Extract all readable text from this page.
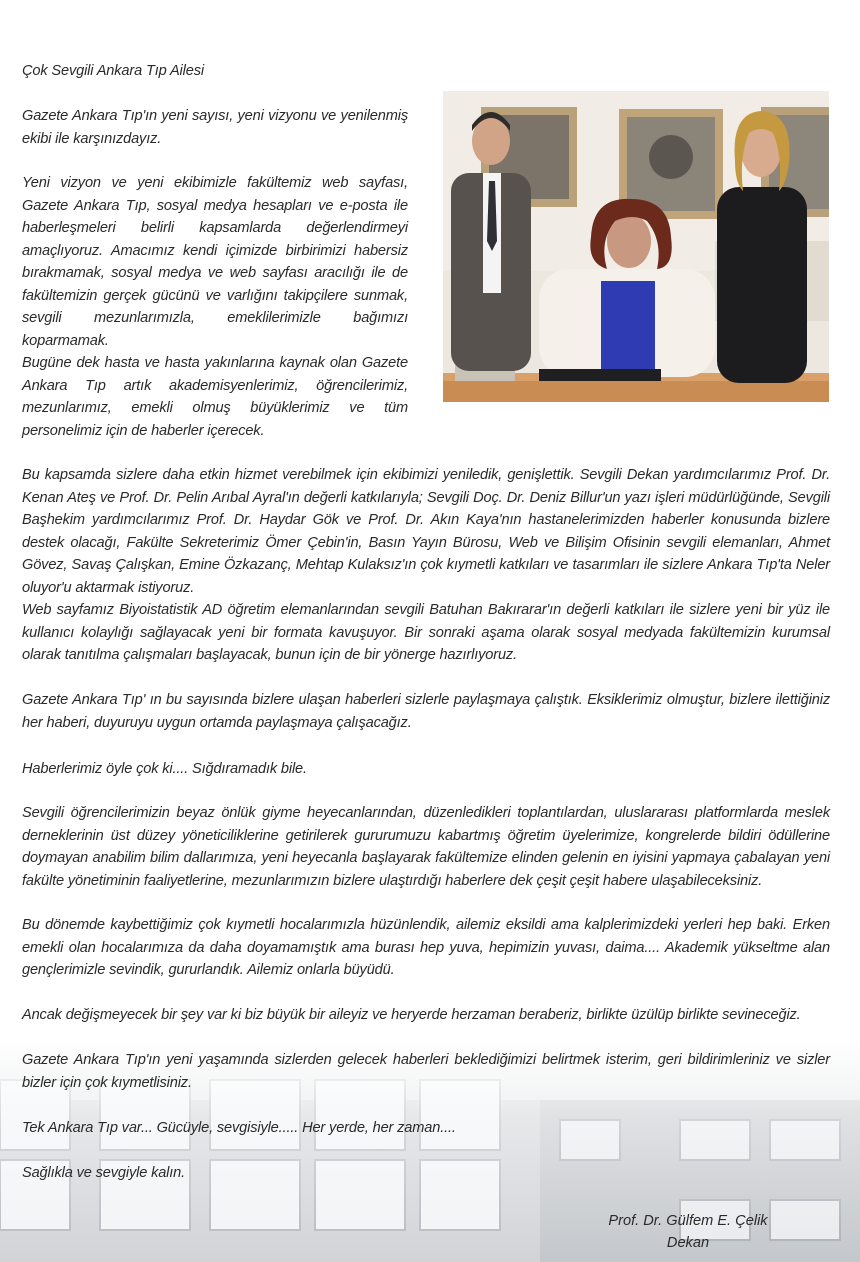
Çok Sevgili Ankara Tıp Ailesi

Gazete Ankara Tıp'ın yeni sayısı, yeni vizyonu ve yenilenmiş ekibi ile karşınızdayız.

Yeni vizyon ve yeni ekibimizle fakültemiz web sayfası, Gazete Ankara Tıp, sosyal medya hesapları ve e-posta ile haberleşmeleri belirli kapsamlarda değerlendirmeyi amaçlıyoruz. Amacımız kendi içimizde birbirimizi habersiz bırakmamak, sosyal medya ve web sayfası aracılığı ile de fakültemizin gerçek gücünü ve varlığını takipçilere sunmak, sevgili mezunlarımızla, emeklilerimizle bağımızı koparmamak.

Bugüne dek hasta ve hasta yakınlarına kaynak olan Gazete Ankara Tıp artık akademisyenlerimiz, öğrencilerimiz, mezunlarımız, emekli olmuş büyüklerimiz ve tüm personelimiz için de haberler içerecek.

Bu kapsamda sizlere daha etkin hizmet verebilmek için ekibimizi yeniledik, genişlettik. Sevgili Dekan yardımcılarımız Prof. Dr. Kenan Ateş ve Prof. Dr. Pelin Arıbal Ayral'ın değerli katkılarıyla; Sevgili Doç. Dr. Deniz Billur'un yazı işleri müdürlüğünde, Sevgili Başhekim yardımcılarımız Prof. Dr. Haydar Gök ve Prof. Dr. Akın Kaya'nın hastanelerimizden haberler konusunda bizlere destek olacağı, Fakülte Sekreterimiz Ömer Çebin'in, Basın Yayın Bürosu, Web ve Bilişim Ofisinin sevgili elemanları, Ahmet Gövez, Savaş Çalışkan, Emine Özkazanç, Mehtap Kulaksız'ın çok kıymetli katkıları ve tasarımları ile sizlere Ankara Tıp'ta Neler oluyor'u aktarmak istiyoruz.

Web sayfamız Biyoistatistik AD öğretim elemanlarından sevgili Batuhan Bakırarar'ın değerli katkıları ile sizlere yeni bir yüz ile kullanıcı kolaylığı sağlayacak yeni bir formata kavuşuyor. Bir sonraki aşama olarak sosyal medyada fakültemizin kurumsal olarak tanıtılma çalışmaları başlayacak, bunun için de bir yönerge hazırlıyoruz.

Gazete Ankara Tıp' ın bu sayısında bizlere ulaşan haberleri sizlerle paylaşmaya çalıştık. Eksiklerimiz olmuştur, bizlere ilettiğiniz her haberi, duyuruyu uygun ortamda paylaşmaya çalışacağız.

Haberlerimiz öyle çok ki.... Sığdıramadık bile.

Sevgili öğrencilerimizin beyaz önlük giyme heyecanlarından, düzenledikleri toplantılardan, uluslararası platformlarda meslek derneklerinin üst düzey yöneticiliklerine getirilerek gururumuzu kabartmış öğretim üyelerimize, kongrelerde bildiri ödüllerine doymayan anabilim bilim dallarımıza, yeni heyecanla başlayarak fakültemize elinden gelenin en iyisini yapmaya çabalayan yeni fakülte yönetiminin faaliyetlerine, mezunlarımızın bizlere ulaştırdığı haberlere dek çeşit çeşit habere ulaşabileceksiniz.

Bu dönemde kaybettiğimiz çok kıymetli hocalarımızla hüzünlendik, ailemiz eksildi ama kalplerimizdeki yerleri hep baki. Erken emekli olan hocalarımıza da daha doyamamıştık ama burası hep yuva, hepimizin yuvası, daima.... Akademik yükseltme alan gençlerimizle sevindik, gururlandık. Ailemiz onlarla büyüdü.

Ancak değişmeyecek bir şey var ki biz büyük bir aileyiz ve heryerde herzaman beraberiz, birlikte üzülüp birlikte sevineceğiz.

Gazete Ankara Tıp'ın yeni yaşamında sizlerden gelecek haberleri beklediğimizi belirtmek isterim, geri bildirimleriniz ve sizler bizler için çok kıymetlisiniz.

Tek Ankara Tıp var... Gücüyle, sevgisiyle..... Her yerde, her zaman....

Sağlıkla ve sevgiyle kalın.

Prof. Dr. Gülfem E. Çelik
Dekan
